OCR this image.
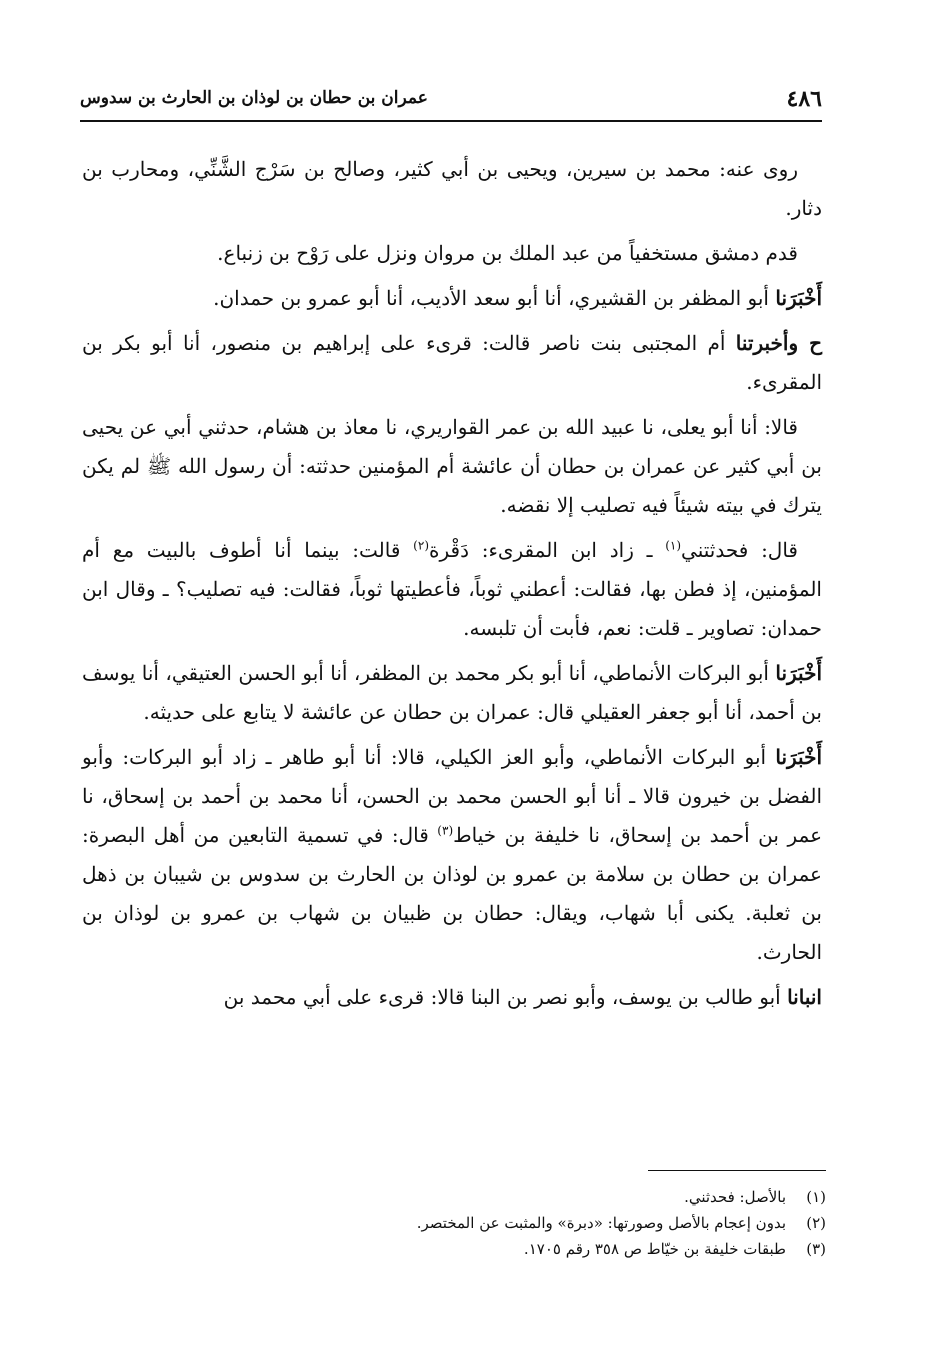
٤٨٦
عمران بن حطان بن لوذان بن الحارث بن سدوس

روى عنه: محمد بن سيرين، ويحيى بن أبي كثير، وصالح بن سَرْج الشَّنِّي، ومحارب بن دثار.

قدم دمشق مستخفياً من عبد الملك بن مروان ونزل على رَوْح بن زنباع.

أَخْبَرَنا أبو المظفر بن القشيري، أنا أبو سعد الأديب، أنا أبو عمرو بن حمدان.

ح وأخبرتنا أم المجتبى بنت ناصر قالت: قرىء على إبراهيم بن منصور، أنا أبو بكر بن المقرىء.

قالا: أنا أبو يعلى، نا عبيد الله بن عمر القواريري، نا معاذ بن هشام، حدثني أبي عن يحيى بن أبي كثير عن عمران بن حطان أن عائشة أم المؤمنين حدثته: أن رسول الله ﷺ لم يكن يترك في بيته شيئاً فيه تصليب إلا نقضه.

قال: فحدثتني$^{(١)}$ ـ زاد ابن المقرىء: دَقْرة$^{(٢)}$ قالت: بينما أنا أطوف بالبيت مع أم المؤمنين، إذ فطن بها، فقالت: أعطني ثوباً، فأعطيتها ثوباً، فقالت: فيه تصليب؟ ـ وقال ابن حمدان: تصاوير ـ قلت: نعم، فأبت أن تلبسه.

أَخْبَرَنا أبو البركات الأنماطي، أنا أبو بكر محمد بن المظفر، أنا أبو الحسن العتيقي، أنا يوسف بن أحمد، أنا أبو جعفر العقيلي قال: عمران بن حطان عن عائشة لا يتابع على حديثه.

أَخْبَرَنا أبو البركات الأنماطي، وأبو العز الكيلي، قالا: أنا أبو طاهر ـ زاد أبو البركات: وأبو الفضل بن خيرون قالا ـ أنا أبو الحسن محمد بن الحسن، أنا محمد بن أحمد بن إسحاق، نا عمر بن أحمد بن إسحاق، نا خليفة بن خياط$^{(٣)}$ قال: في تسمية التابعين من أهل البصرة: عمران بن حطان بن سلامة بن عمرو بن لوذان بن الحارث بن سدوس بن شيبان بن ذهل بن ثعلبة. يكنى أبا شهاب، ويقال: حطان بن ظبيان بن شهاب بن عمرو بن لوذان بن الحارث.

انبانا أبو طالب بن يوسف، وأبو نصر بن البنا قالا: قرىء على أبي محمد بن

(١)بالأصل: فحدثني.

(٢)بدون إعجام بالأصل وصورتها: «دبرة» والمثبت عن المختصر.

(٣)طبقات خليفة بن خيّاط ص ٣٥٨ رقم ١٧٠٥.
